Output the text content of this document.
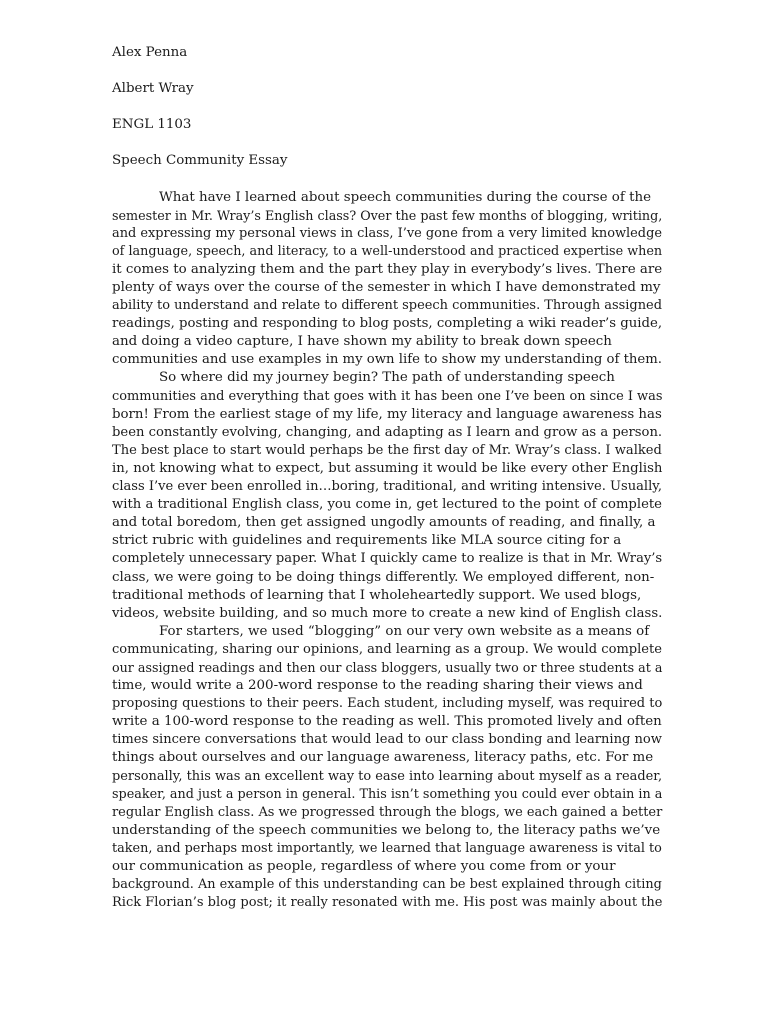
Alex Penna
Albert Wray
ENGL 1103
Speech Community Essay
What have I learned about speech communities during the course of the
semester in Mr. Wray’s English class? Over the past few months of blogging, writing,
and expressing my personal views in class, I’ve gone from a very limited knowledge
of language, speech, and literacy, to a well-understood and practiced expertise when
it comes to analyzing them and the part they play in everybody’s lives. There are
plenty of ways over the course of the semester in which I have demonstrated my
ability to understand and relate to different speech communities. Through assigned
readings, posting and responding to blog posts, completing a wiki reader’s guide,
and doing a video capture, I have shown my ability to break down speech
communities and use examples in my own life to show my understanding of them.
So where did my journey begin? The path of understanding speech
communities and everything that goes with it has been one I’ve been on since I was
born! From the earliest stage of my life, my literacy and language awareness has
been constantly evolving, changing, and adapting as I learn and grow as a person.
The best place to start would perhaps be the first day of Mr. Wray’s class. I walked
in, not knowing what to expect, but assuming it would be like every other English
class I’ve ever been enrolled in…boring, traditional, and writing intensive. Usually,
with a traditional English class, you come in, get lectured to the point of complete
and total boredom, then get assigned ungodly amounts of reading, and finally, a
strict rubric with guidelines and requirements like MLA source citing for a
completely unnecessary paper. What I quickly came to realize is that in Mr. Wray’s
class, we were going to be doing things differently. We employed different, non-
traditional methods of learning that I wholeheartedly support. We used blogs,
videos, website building, and so much more to create a new kind of English class.
For starters, we used “blogging” on our very own website as a means of
communicating, sharing our opinions, and learning as a group. We would complete
our assigned readings and then our class bloggers, usually two or three students at a
time, would write a 200-word response to the reading sharing their views and
proposing questions to their peers. Each student, including myself, was required to
write a 100-word response to the reading as well. This promoted lively and often
times sincere conversations that would lead to our class bonding and learning now
things about ourselves and our language awareness, literacy paths, etc. For me
personally, this was an excellent way to ease into learning about myself as a reader,
speaker, and just a person in general. This isn’t something you could ever obtain in a
regular English class. As we progressed through the blogs, we each gained a better
understanding of the speech communities we belong to, the literacy paths we’ve
taken, and perhaps most importantly, we learned that language awareness is vital to
our communication as people, regardless of where you come from or your
background. An example of this understanding can be best explained through citing
Rick Florian’s blog post; it really resonated with me. His post was mainly about the
